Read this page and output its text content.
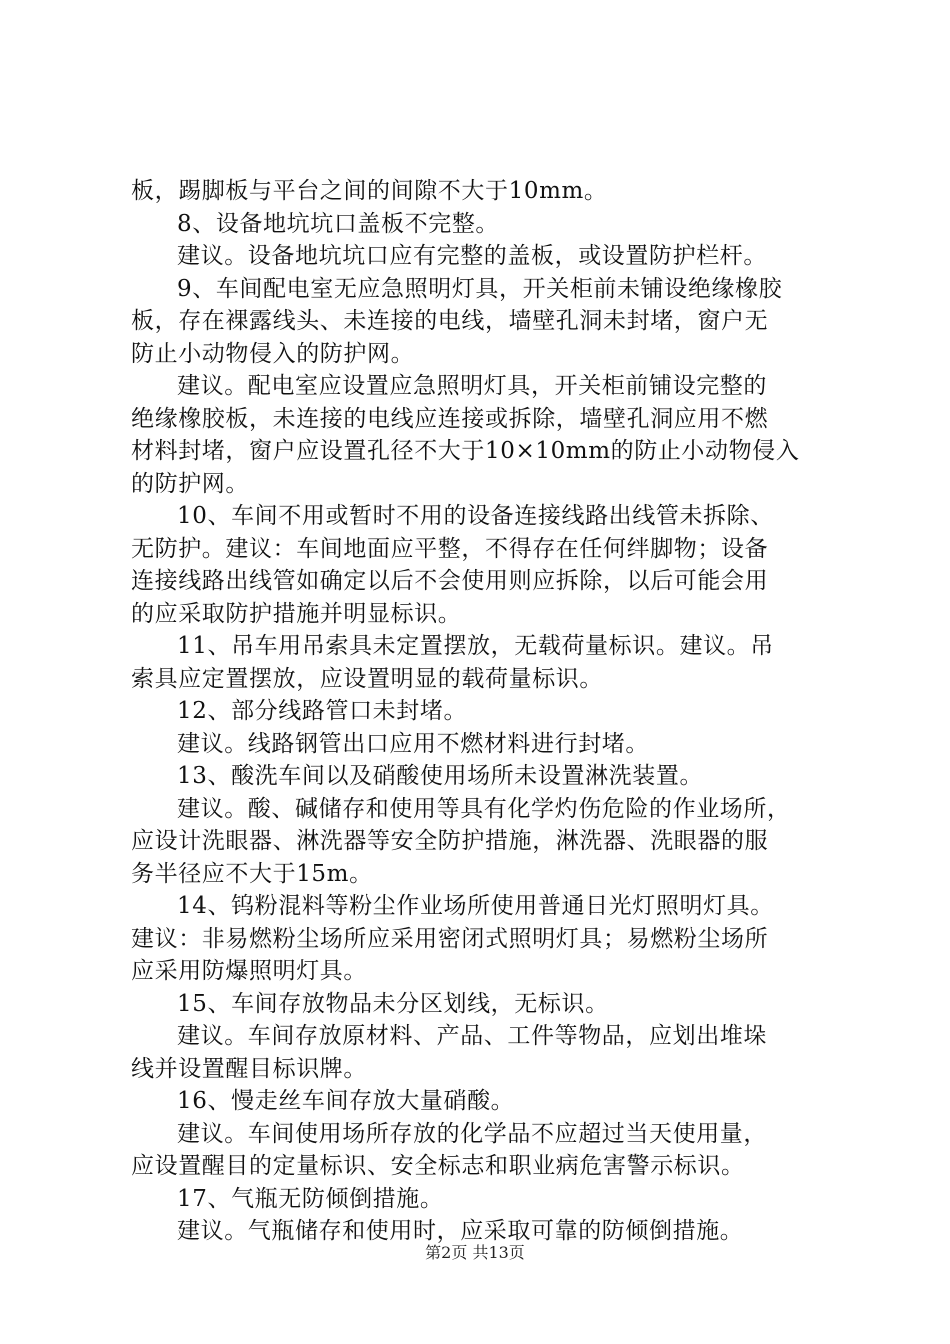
板，踢脚板与平台之间的间隙不大于10mm。
8、设备地坑坑口盖板不完整。
建议。设备地坑坑口应有完整的盖板，或设置防护栏杆。
9、车间配电室无应急照明灯具，开关柜前未铺设绝缘橡胶
板，存在裸露线头、未连接的电线，墙壁孔洞未封堵，窗户无
防止小动物侵入的防护网。
建议。配电室应设置应急照明灯具，开关柜前铺设完整的
绝缘橡胶板，未连接的电线应连接或拆除，墙壁孔洞应用不燃
材料封堵，窗户应设置孔径不大于10×10mm的防止小动物侵入
的防护网。
10、车间不用或暂时不用的设备连接线路出线管未拆除、
无防护。建议：车间地面应平整，不得存在任何绊脚物；设备
连接线路出线管如确定以后不会使用则应拆除，以后可能会用
的应采取防护措施并明显标识。
11、吊车用吊索具未定置摆放，无载荷量标识。建议。吊
索具应定置摆放，应设置明显的载荷量标识。
12、部分线路管口未封堵。
建议。线路钢管出口应用不燃材料进行封堵。
13、酸洗车间以及硝酸使用场所未设置淋洗装置。
建议。酸、碱储存和使用等具有化学灼伤危险的作业场所，
应设计洗眼器、淋洗器等安全防护措施，淋洗器、洗眼器的服
务半径应不大于15m。
14、钨粉混料等粉尘作业场所使用普通日光灯照明灯具。
建议：非易燃粉尘场所应采用密闭式照明灯具；易燃粉尘场所
应采用防爆照明灯具。
15、车间存放物品未分区划线，无标识。
建议。车间存放原材料、产品、工件等物品，应划出堆垛
线并设置醒目标识牌。
16、慢走丝车间存放大量硝酸。
建议。车间使用场所存放的化学品不应超过当天使用量，
应设置醒目的定量标识、安全标志和职业病危害警示标识。
17、气瓶无防倾倒措施。
建议。气瓶储存和使用时，应采取可靠的防倾倒措施。
第2页 共13页
